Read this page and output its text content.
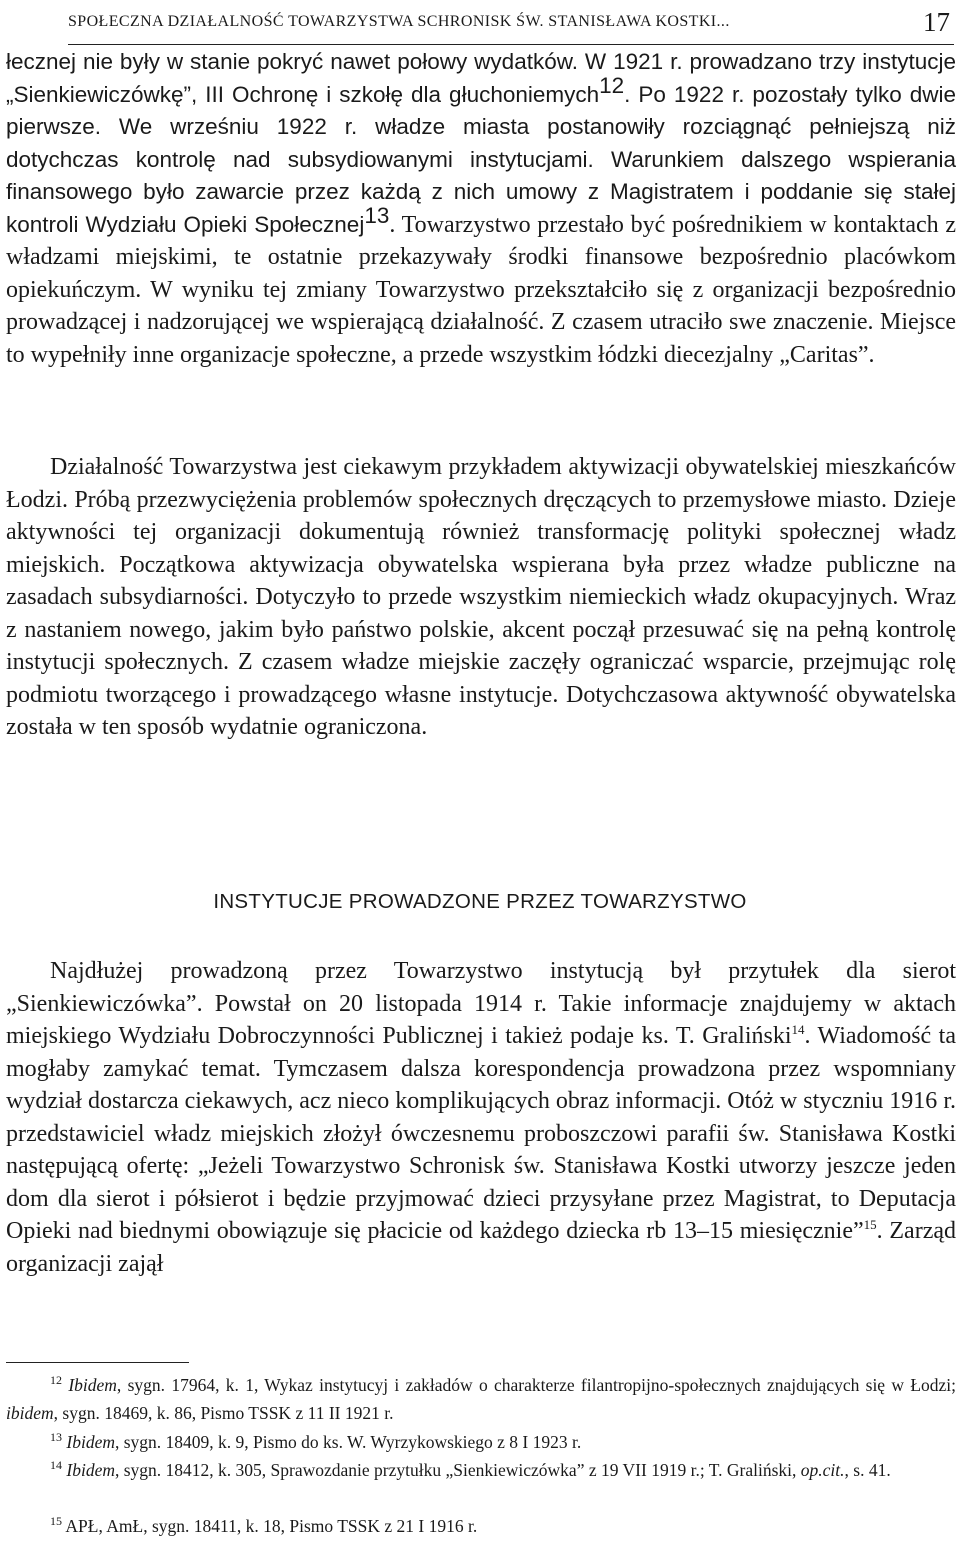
SPOŁECZNA DZIAŁALNOŚĆ TOWARZYSTWA SCHRONISK ŚW. STANISŁAWA KOSTKI...	17

łecznej nie były w stanie pokryć nawet połowy wydatków. W 1921 r. prowadzano trzy instytucje „Sienkiewiczówkę”, III Ochronę i szkołę dla głuchoniemych$^{12}$. Po 1922 r. pozostały tylko dwie pierwsze. We wrześniu 1922 r. władze miasta postanowiły rozciągnąć pełniejszą niż dotychczas kontrolę nad subsydiowanymi instytucjami. Warunkiem dalszego wspierania finansowego było zawarcie przez każdą z nich umowy z Magistratem i poddanie się stałej kontroli Wydziału Opieki Społecznej$^{13}$. Towarzystwo przestało być pośrednikiem w kontaktach z władzami miejskimi, te ostatnie przekazywały środki finansowe bezpośrednio placówkom opiekuńczym. W wyniku tej zmiany Towarzystwo przekształciło się z organizacji bezpośrednio prowadzącej i nadzorującej we wspierającą działalność. Z czasem utraciło swe znaczenie. Miejsce to wypełniły inne organizacje społeczne, a przede wszystkim łódzki diecezjalny „Caritas”.

Działalność Towarzystwa jest ciekawym przykładem aktywizacji obywatelskiej mieszkańców Łodzi. Próbą przezwyciężenia problemów społecznych dręczących to przemysłowe miasto. Dzieje aktywności tej organizacji dokumentują również transformację polityki społecznej władz miejskich. Początkowa aktywizacja obywatelska wspierana była przez władze publiczne na zasadach subsydiarności. Dotyczyło to przede wszystkim niemieckich władz okupacyjnych. Wraz z nastaniem nowego, jakim było państwo polskie, akcent począł przesuwać się na pełną kontrolę instytucji społecznych. Z czasem władze miejskie zaczęły ograniczać wsparcie, przejmując rolę podmiotu tworzącego i prowadzącego własne instytucje. Dotychczasowa aktywność obywatelska została w ten sposób wydatnie ograniczona.

INSTYTUCJE PROWADZONE PRZEZ TOWARZYSTWO

Najdłużej prowadzoną przez Towarzystwo instytucją był przytułek dla sierot „Sienkiewiczówka”. Powstał on 20 listopada 1914 r. Takie informacje znajdujemy w aktach miejskiego Wydziału Dobroczynności Publicznej i takież podaje ks. T. Graliński$^{14}$. Wiadomość ta mogłaby zamykać temat. Tymczasem dalsza korespondencja prowadzona przez wspomniany wydział dostarcza ciekawych, acz nieco komplikujących obraz informacji. Otóż w styczniu 1916 r. przedstawiciel władz miejskich złożył ówczesnemu proboszczowi parafii św. Stanisława Kostki następującą ofertę: „Jeżeli Towarzystwo Schronisk św. Stanisława Kostki utworzy jeszcze jeden dom dla sierot i półsierot i będzie przyjmować dzieci przysyłane przez Magistrat, to Deputacja Opieki nad biednymi obowiązuje się płacicie od każdego dziecka rb 13–15 miesięcznie”$^{15}$. Zarząd organizacji zajął

$^{12}$ Ibidem, sygn. 17964, k. 1, Wykaz instytucyj i zakładów o charakterze filantropijno-społecznych znajdujących się w Łodzi; ibidem, sygn. 18469, k. 86, Pismo TSSK z 11 II 1921 r.

$^{13}$ Ibidem, sygn. 18409, k. 9, Pismo do ks. W. Wyrzykowskiego z 8 I 1923 r.

$^{14}$ Ibidem, sygn. 18412, k. 305, Sprawozdanie przytułku „Sienkiewiczówka” z 19 VII 1919 r.; T. Graliński, op.cit., s. 41.

$^{15}$ APŁ, AmŁ, sygn. 18411, k. 18, Pismo TSSK z 21 I 1916 r.
